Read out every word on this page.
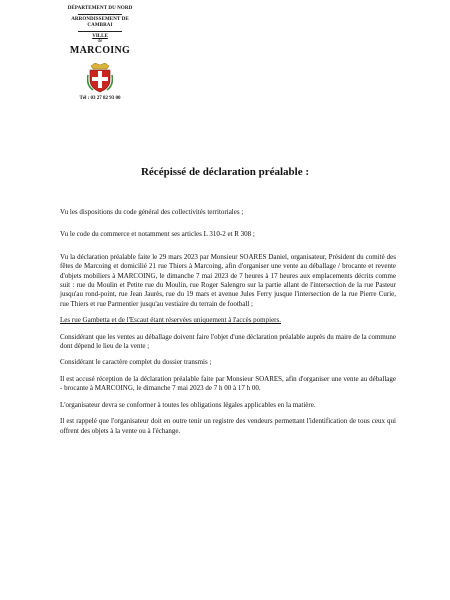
DÉPARTEMENT DU NORD
ARRONDISSEMENT DE CAMBRAI
VILLE
de
MARCOING
Tél : 03 27 82 93 00
Récépissé de déclaration préalable :

Vu les dispositions du code général des collectivités territoriales ;

Vu le code du commerce et notamment ses articles L 310-2 et R 308 ;

Vu la déclaration préalable faite le 29 mars 2023 par Monsieur SOARES Daniel, organisateur, Président du comité des fêtes de Marcoing et domicilié 21 rue Thiers à Marcoing, afin d'organiser une vente au déballage / brocante et revente d'objets mobiliers à MARCOING, le dimanche 7 mai 2023 de 7 heures à 17 heures aux emplacements décrits comme suit : rue du Moulin et Petite rue du Moulin, rue Roger Salengro sur la partie allant de l'intersection de la rue Pasteur jusqu'au rond-point, rue Jean Jaurès, rue du 19 mars et avenue Jules Ferry jusque l'intersection de la rue Pierre Curie, rue Thiers et rue Parmentier jusqu'au vestiaire du terrain de football ;

Les rue Gambetta et de l'Escaut étant réservées uniquement à l'accès pompiers.

Considérant que les ventes au déballage doivent faire l'objet d'une déclaration préalable auprès du maire de la commune dont dépend le lieu de la vente ;

Considérant le caractère complet du dossier transmis ;

Il est accusé réception de la déclaration préalable faite par Monsieur SOARES, afin d'organiser une vente au déballage - brocante à MARCOING, le dimanche 7 mai 2023 de 7 h 00 à 17 h 00.

L'organisateur devra se conformer à toutes les obligations légales applicables en la matière.

Il est rappelé que l'organisateur doit en outre tenir un registre des vendeurs permettant l'identification de tous ceux qui offrent des objets à la vente ou à l'échange.
